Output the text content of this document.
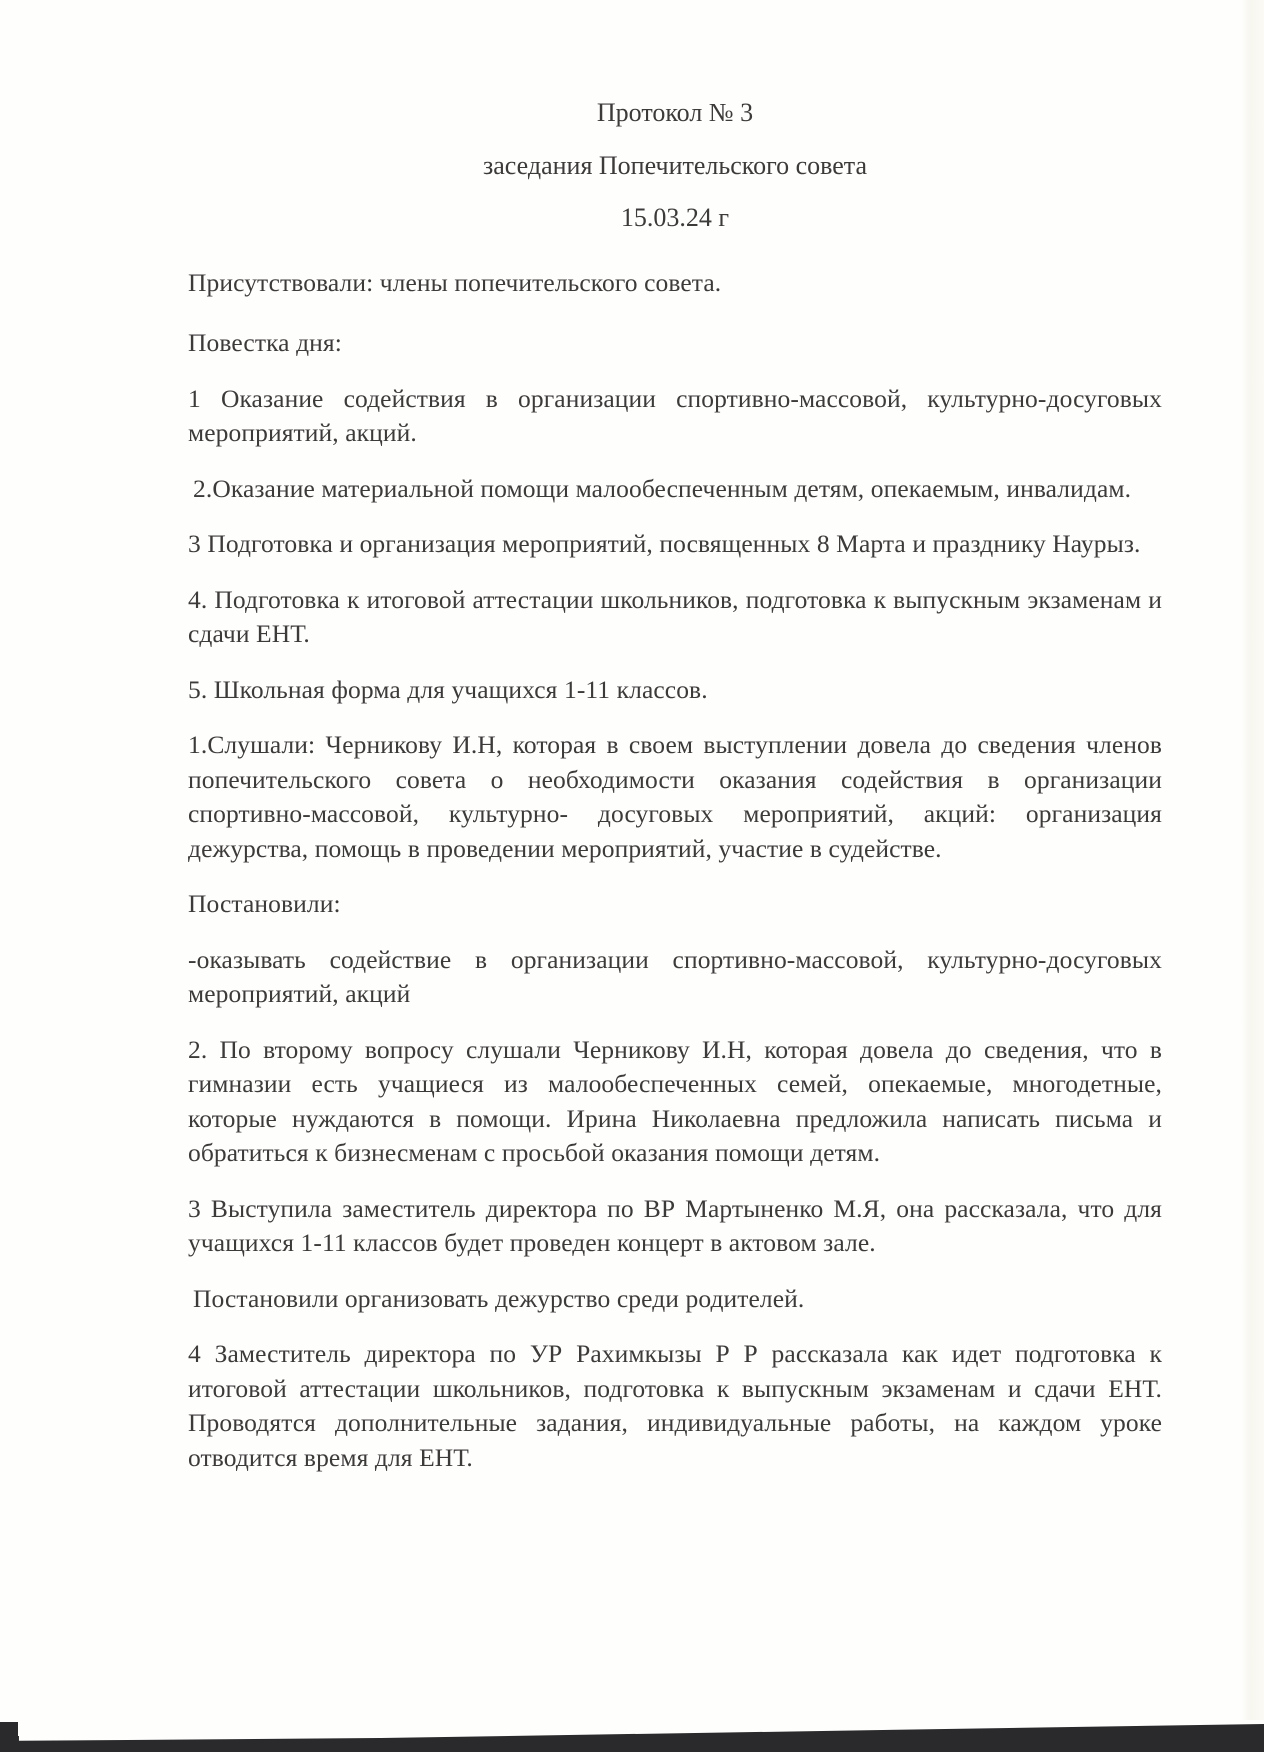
Протокол № 3
заседания Попечительского совета
15.03.24 г

Присутствовали: члены попечительского совета.

Повестка дня:

1 Оказание содействия в организации спортивно-массовой, культурно-досуговых мероприятий, акций.

2.Оказание материальной помощи малообеспеченным детям, опекаемым, инвалидам.

3 Подготовка и организация мероприятий, посвященных 8 Марта и празднику Наурыз.

4. Подготовка к итоговой аттестации школьников, подготовка к выпускным экзаменам и сдачи ЕНТ.

5. Школьная форма для учащихся 1-11 классов.

1.Слушали: Черникову И.Н, которая в своем выступлении довела до сведения членов попечительского совета о необходимости оказания содействия в организации спортивно-массовой, культурно- досуговых мероприятий, акций: организация дежурства, помощь в проведении мероприятий, участие в судействе.

Постановили:

-оказывать содействие в организации спортивно-массовой, культурно-досуговых мероприятий, акций

2. По второму вопросу слушали Черникову И.Н, которая довела до сведения, что в гимназии есть учащиеся из малообеспеченных семей, опекаемые, многодетные, которые нуждаются в помощи. Ирина Николаевна предложила написать письма и обратиться к бизнесменам с просьбой оказания помощи детям.

3 Выступила заместитель директора по ВР Мартыненко М.Я, она рассказала, что для учащихся 1-11 классов будет проведен концерт в актовом зале.

Постановили организовать дежурство среди родителей.

4 Заместитель директора по УР Рахимкызы Р Р рассказала как идет подготовка к итоговой аттестации школьников, подготовка к выпускным экзаменам и сдачи ЕНТ. Проводятся дополнительные задания, индивидуальные работы, на каждом уроке отводится время для ЕНТ.
